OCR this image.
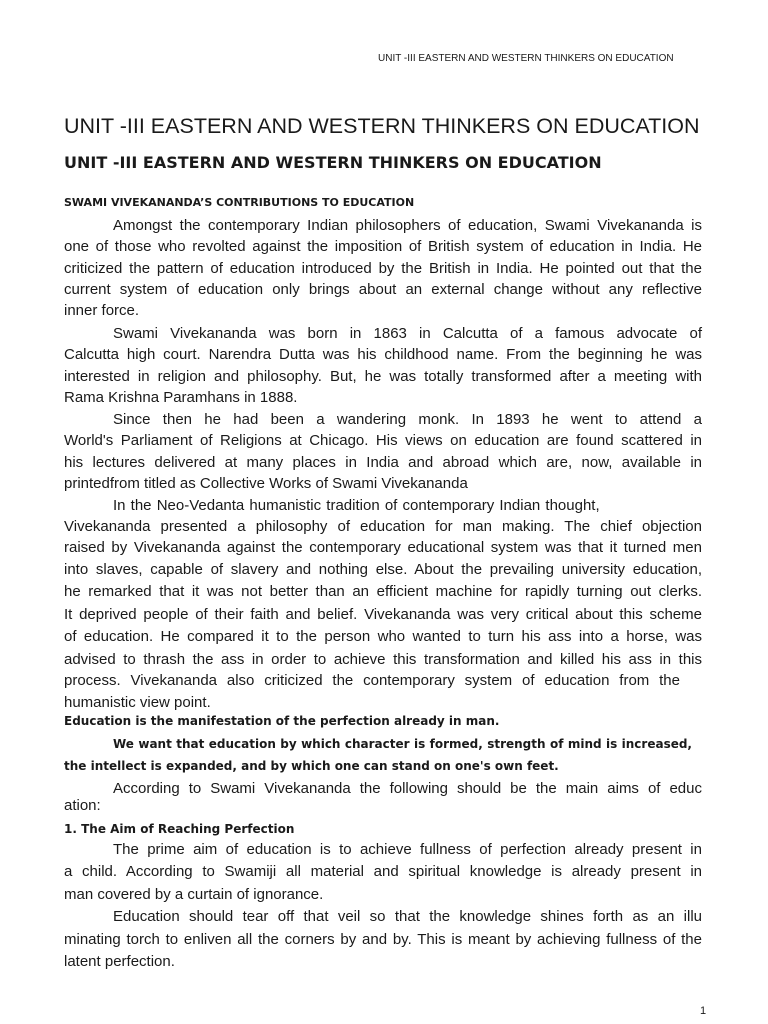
UNIT -III EASTERN AND WESTERN THINKERS ON EDUCATION
UNIT -III EASTERN AND WESTERN THINKERS ON EDUCATION
UNIT -III EASTERN AND WESTERN THINKERS ON EDUCATION
SWAMI VIVEKANANDA’S CONTRIBUTIONS TO EDUCATION
Amongst the contemporary Indian philosophers of education, Swami Vivekananda is
one of those who revolted against the imposition of British system of education in India. He
criticized the pattern of education introduced by the British in India. He pointed out that the
current system of education only brings about an external change without any reflective
inner force.
Swami Vivekananda was born in 1863 in Calcutta of a famous advocate of
Calcutta high court. Narendra Dutta was his childhood name. From the beginning he was
interested in religion and philosophy. But, he was totally transformed after a meeting with
Rama Krishna Paramhans in 1888.
Since then he had been a wandering monk. In 1893 he went to attend a
World's Parliament of Religions at Chicago. His views on education are found scattered in
his lectures delivered at many places in India and abroad which are, now, available in
printedfrom titled as Collective Works of Swami Vivekananda
In the Neo-Vedanta humanistic tradition of contemporary Indian thought,
Vivekananda presented a philosophy of education for man making. The chief objection
raised by Vivekananda against the contemporary educational system was that it turned men
into slaves, capable of slavery and nothing else. About the prevailing university education,
he remarked that it was not better than an efficient machine for rapidly turning out clerks.
It deprived people of their faith and belief. Vivekananda was very critical about this scheme
of education. He compared it to the person who wanted to turn his ass into a horse, was
advised to thrash the ass in order to achieve this transformation and killed his ass in this
process. Vivekananda also criticized the contemporary system of education from the
humanistic view point.
Education is the manifestation of the perfection already in man.
We want that education by which character is formed, strength of mind is increased,
the intellect is expanded, and by which one can stand on one's own feet.
According to Swami Vivekananda the following should be the main aims of educ
ation:
1. The Aim of Reaching Perfection
The prime aim of education is to achieve fullness of perfection already present in
a child. According to Swamiji all material and spiritual knowledge is already present in
man covered by a curtain of ignorance.
Education should tear off that veil so that the knowledge shines forth as an illu
minating torch to enliven all the corners by and by. This is meant by achieving fullness of the
latent perfection.
1
